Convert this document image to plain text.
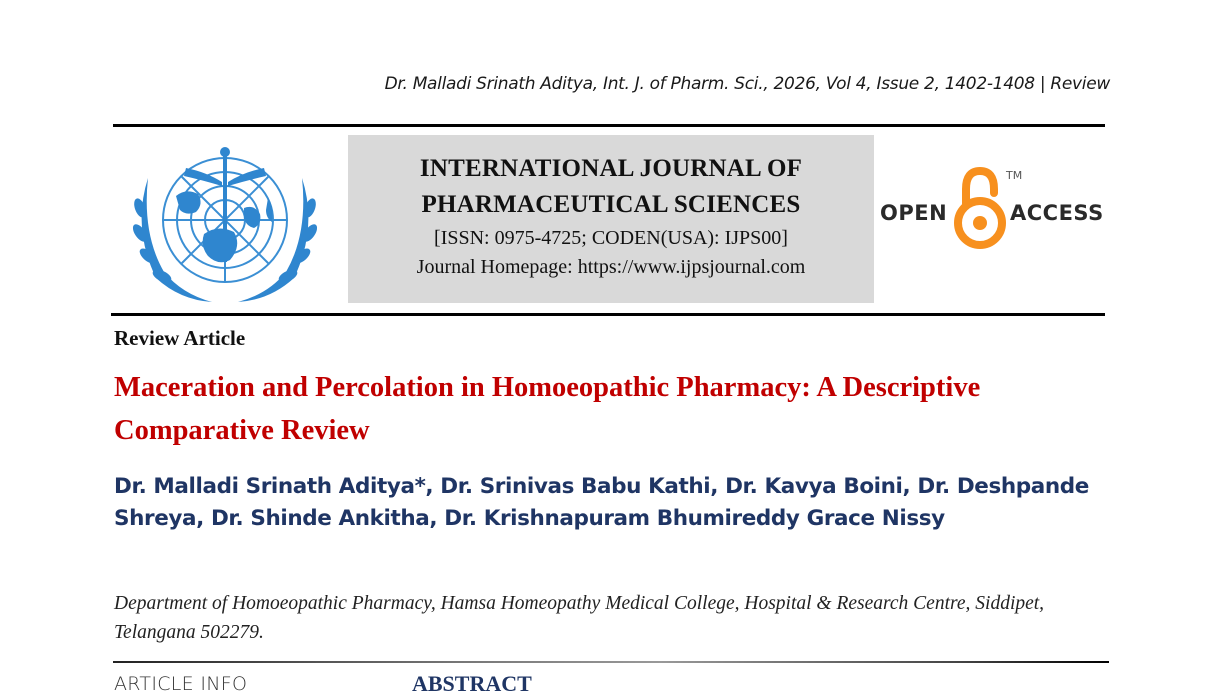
Dr. Malladi Srinath Aditya, Int. J. of Pharm. Sci., 2026, Vol 4, Issue 2, 1402-1408 | Review
INTERNATIONAL JOURNAL OF
PHARMACEUTICAL SCIENCES
[ISSN: 0975-4725; CODEN(USA): IJPS00]
Journal Homepage: https://www.ijpsjournal.com
OPEN
TM
ACCESS
Review Article
Maceration and Percolation in Homoeopathic Pharmacy: A Descriptive Comparative Review
Dr. Malladi Srinath Aditya*, Dr. Srinivas Babu Kathi, Dr. Kavya Boini, Dr. Deshpande Shreya, Dr. Shinde Ankitha, Dr. Krishnapuram Bhumireddy Grace Nissy
Department of Homoeopathic Pharmacy, Hamsa Homeopathy Medical College, Hospital & Research Centre, Siddipet, Telangana 502279.
ARTICLE INFO	ABSTRACT
